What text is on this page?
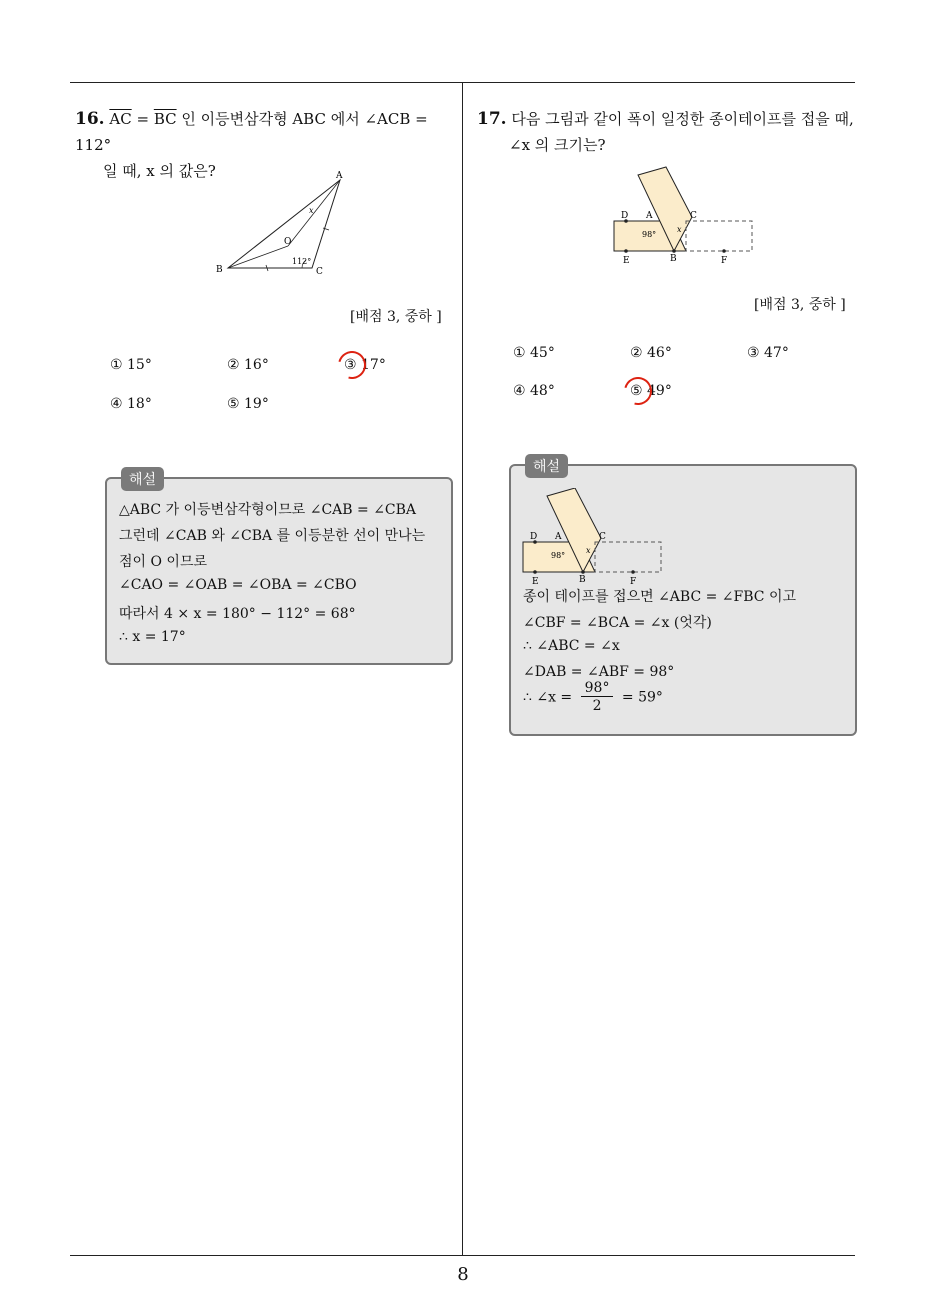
16. $\overline{AC} = \overline{BC}$ 인 이등변삼각형 ABC 에서 ∠ACB = 112°
일 때, x 의 값은?	A
B	C
O
x
112°
[배점 3, 중하 ]
① 15°	② 16°	③ 17°
④ 18°	⑤ 19°
해설
△ABC 가 이등변삼각형이므로 ∠CAB = ∠CBA
그런데 ∠CAB 와 ∠CBA 를 이등분한 선이 만나는
점이 O 이므로
∠CAO = ∠OAB = ∠OBA = ∠CBO
따라서 4 × x = 180° − 112° = 68°
∴ x = 17°
17. 다음 그림과 같이 폭이 일정한 종이테이프를 접을 때,
∠x 의 크기는?
D A	C
E	B	F
x
98°
[배점 3, 중하 ]
① 45°	② 46°	③ 47°
④ 48°	⑤ 49°
해설
D A	C
E	B	F
x
98°
종이 테이프를 접으면 ∠ABC = ∠FBC 이고
∠CBF = ∠BCA = ∠x (엇각)
∴ ∠ABC = ∠x
∠DAB = ∠ABF = 98°
∴ ∠x = $\frac{98^\circ}{2} = 59^\circ$
8
